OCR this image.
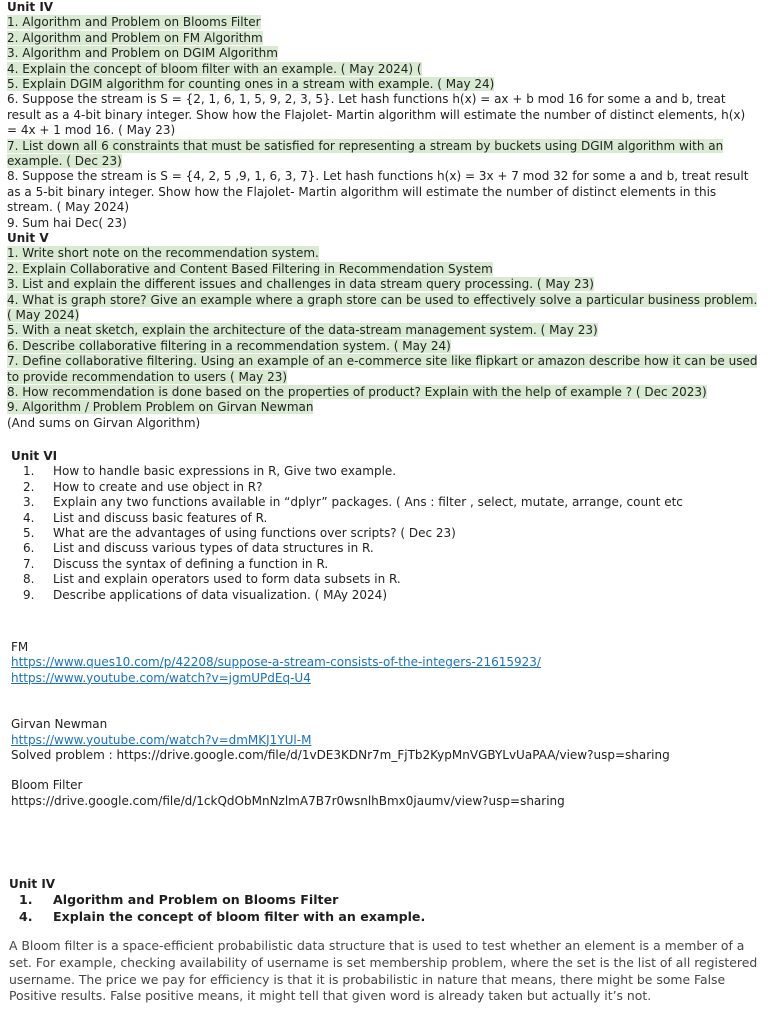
Unit IV
1. Algorithm and Problem on Blooms Filter
2. Algorithm and Problem on FM Algorithm
3. Algorithm and Problem on DGIM Algorithm
4. Explain the concept of bloom filter with an example. ( May 2024) (
5. Explain DGIM algorithm for counting ones in a stream with example. ( May 24)
6. Suppose the stream is S = {2, 1, 6, 1, 5, 9, 2, 3, 5}. Let hash functions h(x) = ax + b mod 16 for some a and b, treat result as a 4-bit binary integer. Show how the Flajolet- Martin algorithm will estimate the number of distinct elements, h(x) = 4x + 1 mod 16. ( May 23)
7. List down all 6 constraints that must be satisfied for representing a stream by buckets using DGIM algorithm with an example. ( Dec 23)
8. Suppose the stream is S = {4, 2, 5 ,9, 1, 6, 3, 7}. Let hash functions h(x) = 3x + 7 mod 32 for some a and b, treat result as a 5-bit binary integer. Show how the Flajolet- Martin algorithm will estimate the number of distinct elements in this stream. ( May 2024)
9. Sum hai Dec( 23)
Unit V
1. Write short note on the recommendation system.
2. Explain Collaborative and Content Based Filtering in Recommendation System
3. List and explain the different issues and challenges in data stream query processing. ( May 23)
4. What is graph store? Give an example where a graph store can be used to effectively solve a particular business problem. ( May 2024)
5. With a neat sketch, explain the architecture of the data-stream management system. ( May 23)
6. Describe collaborative filtering in a recommendation system. ( May 24)
7. Define collaborative filtering. Using an example of an e-commerce site like flipkart or amazon describe how it can be used to provide recommendation to users ( May 23)
8. How recommendation is done based on the properties of product? Explain with the help of example ? ( Dec 2023)
9. Algorithm / Problem Problem on Girvan Newman
(And sums on Girvan Algorithm)
Unit VI
1.	How to handle basic expressions in R, Give two example.
2.	How to create and use object in R?
3.	Explain any two functions available in “dplyr” packages. ( Ans : filter , select, mutate, arrange, count etc
4.	List and discuss basic features of R.
5.	What are the advantages of using functions over scripts? ( Dec 23)
6.	List and discuss various types of data structures in R.
7.	Discuss the syntax of defining a function in R.
8.	List and explain operators used to form data subsets in R.
9.	Describe applications of data visualization. ( MAy 2024)
FM
https://www.ques10.com/p/42208/suppose-a-stream-consists-of-the-integers-21615923/
https://www.youtube.com/watch?v=jgmUPdEq-U4
Girvan Newman
https://www.youtube.com/watch?v=dmMKJ1YUl-M
Solved problem : https://drive.google.com/file/d/1vDE3KDNr7m_FjTb2KypMnVGBYLvUaPAA/view?usp=sharing
Bloom Filter
https://drive.google.com/file/d/1ckQdObMnNzlmA7B7r0wsnlhBmx0jaumv/view?usp=sharing
Unit IV
1.	Algorithm and Problem on Blooms Filter
4.	Explain the concept of bloom filter with an example.
A Bloom filter is a space-efficient probabilistic data structure that is used to test whether an element is a member of a set. For example, checking availability of username is set membership problem, where the set is the list of all registered username. The price we pay for efficiency is that it is probabilistic in nature that means, there might be some False Positive results. False positive means, it might tell that given word is already taken but actually it’s not.
